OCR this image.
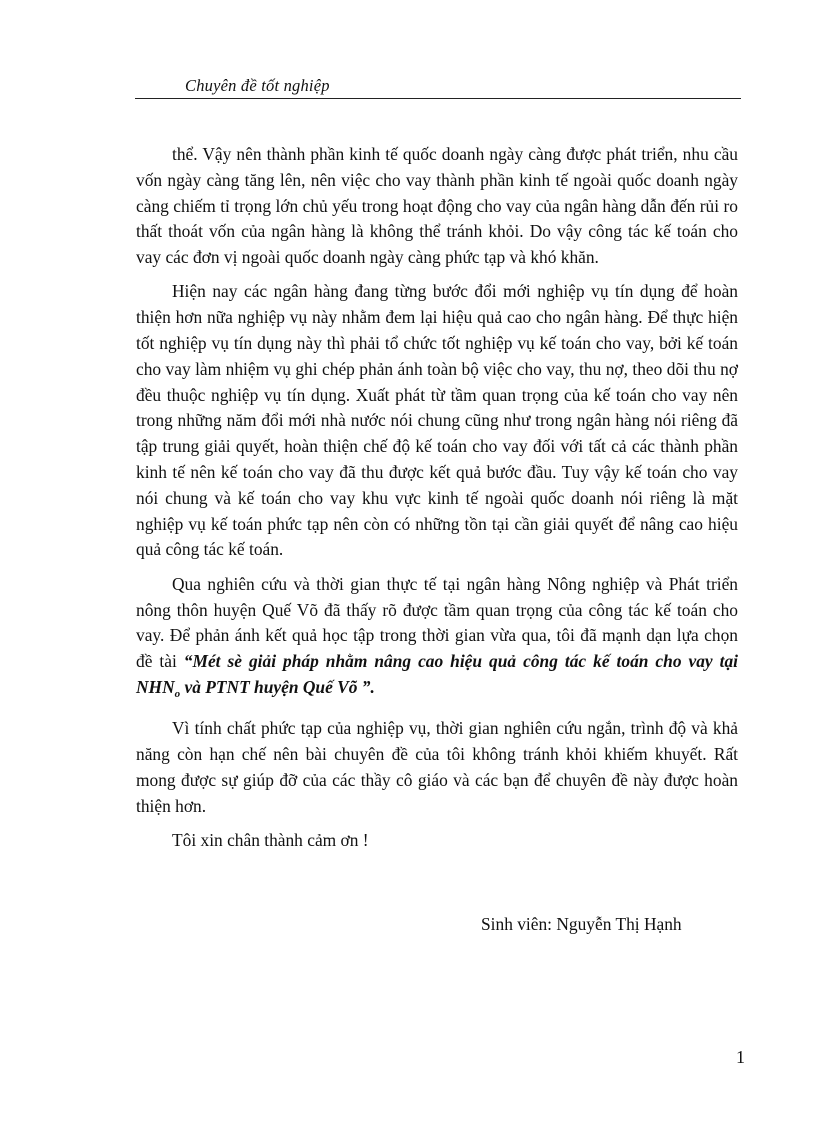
Chuyên đề tốt nghiệp

thể. Vậy nên thành phần kinh tế quốc doanh ngày càng được phát triển, nhu cầu vốn ngày càng tăng lên, nên việc cho vay thành phần kinh tế ngoài quốc doanh ngày càng chiếm tỉ trọng lớn chủ yếu trong hoạt động cho vay của ngân hàng dẫn đến rủi ro thất thoát vốn của ngân hàng là không thể tránh khỏi. Do vậy công tác kế toán cho vay các đơn vị ngoài quốc doanh ngày càng phức tạp và khó khăn.

Hiện nay các ngân hàng đang từng bước đổi mới nghiệp vụ tín dụng để hoàn thiện hơn nữa nghiệp vụ này nhằm đem lại hiệu quả cao cho ngân hàng. Để thực hiện tốt nghiệp vụ tín dụng này thì phải tổ chức tốt nghiệp vụ kế toán cho vay, bởi kế toán cho vay làm nhiệm vụ ghi chép phản ánh toàn bộ việc cho vay, thu nợ, theo dõi thu nợ đều thuộc nghiệp vụ tín dụng. Xuất phát từ tầm quan trọng của kế toán cho vay nên trong những năm đổi mới nhà nước nói chung cũng như trong ngân hàng nói riêng đã tập trung giải quyết, hoàn thiện chế độ kế toán cho vay đối với tất cả các thành phần kinh tế nên kế toán cho vay đã thu được kết quả bước đầu. Tuy vậy kế toán cho vay nói chung và kế toán cho vay khu vực kinh tế ngoài quốc doanh nói riêng là mặt nghiệp vụ kế toán phức tạp nên còn có những tồn tại cần giải quyết để nâng cao hiệu quả công tác kế toán.

Qua nghiên cứu và thời gian thực tế tại ngân hàng Nông nghiệp và Phát triển nông thôn huyện Quế Võ đã thấy rõ được tầm quan trọng của công tác kế toán cho vay. Để phản ánh kết quả học tập trong thời gian vừa qua, tôi đã mạnh dạn lựa chọn đề tài “Mét sè giải pháp nhằm nâng cao hiệu quả công tác kế toán cho vay tại $NHN_o$ và PTNT huyện Quế Võ ”.

Vì tính chất phức tạp của nghiệp vụ, thời gian nghiên cứu ngắn, trình độ và khả năng còn hạn chế nên bài chuyên đề của tôi không tránh khỏi khiếm khuyết. Rất mong được sự giúp đỡ của các thầy cô giáo và các bạn để chuyên đề này được hoàn thiện hơn.

Tôi xin chân thành cảm ơn !

Sinh viên: Nguyễn Thị Hạnh
1
